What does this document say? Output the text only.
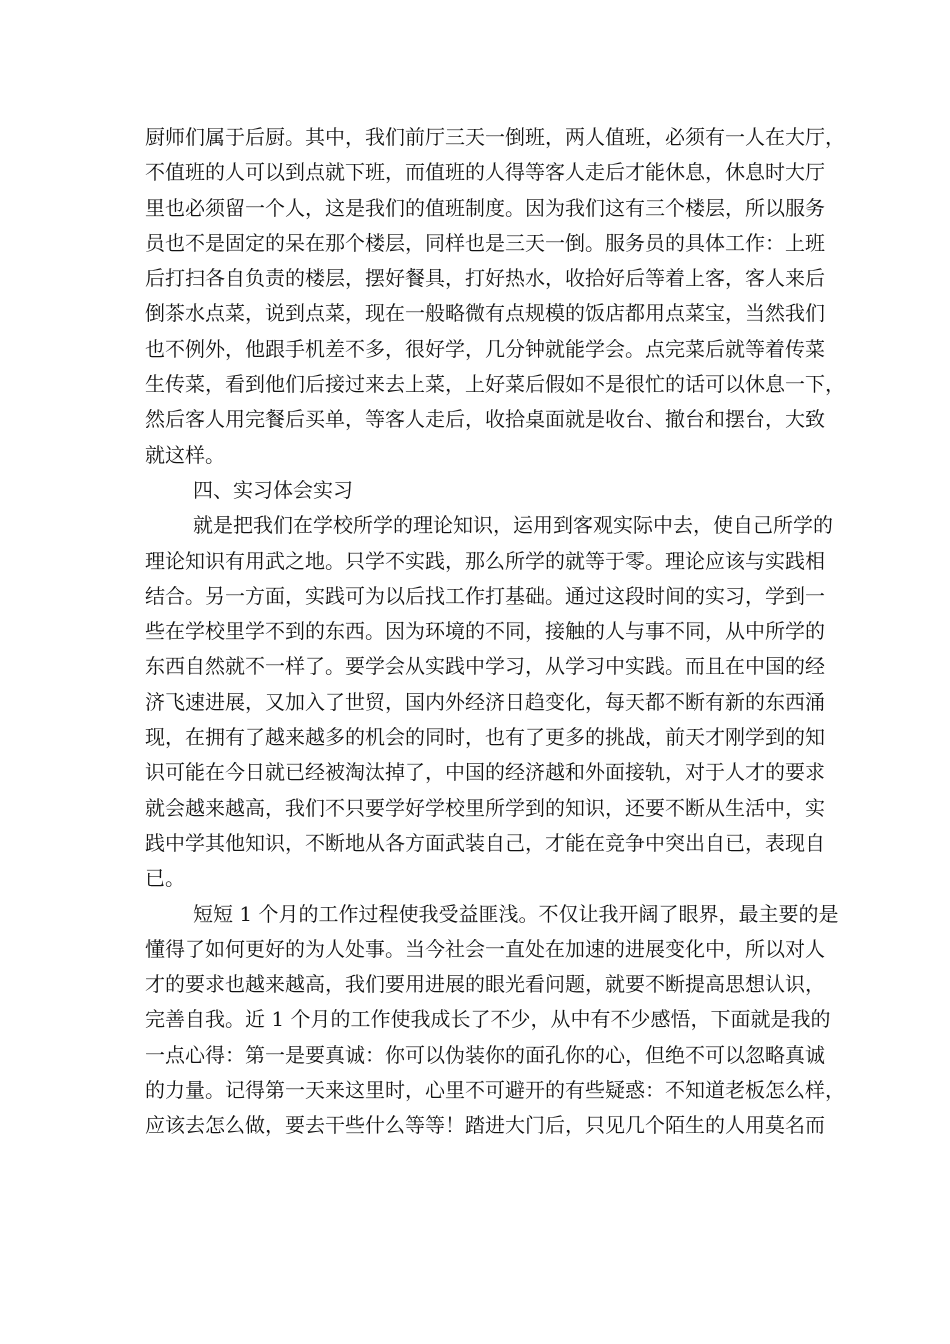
厨师们属于后厨。其中，我们前厅三天一倒班，两人值班，必须有一人在大厅，
不值班的人可以到点就下班，而值班的人得等客人走后才能休息，休息时大厅
里也必须留一个人，这是我们的值班制度。因为我们这有三个楼层，所以服务
员也不是固定的呆在那个楼层，同样也是三天一倒。服务员的具体工作：上班
后打扫各自负责的楼层，摆好餐具，打好热水，收拾好后等着上客，客人来后
倒茶水点菜，说到点菜，现在一般略微有点规模的饭店都用点菜宝，当然我们
也不例外，他跟手机差不多，很好学，几分钟就能学会。点完菜后就等着传菜
生传菜，看到他们后接过来去上菜，上好菜后假如不是很忙的话可以休息一下，
然后客人用完餐后买单，等客人走后，收拾桌面就是收台、撤台和摆台，大致
就这样。
四、实习体会实习
就是把我们在学校所学的理论知识，运用到客观实际中去，使自己所学的
理论知识有用武之地。只学不实践，那么所学的就等于零。理论应该与实践相
结合。另一方面，实践可为以后找工作打基础。通过这段时间的实习，学到一
些在学校里学不到的东西。因为环境的不同，接触的人与事不同，从中所学的
东西自然就不一样了。要学会从实践中学习，从学习中实践。而且在中国的经
济飞速进展，又加入了世贸，国内外经济日趋变化，每天都不断有新的东西涌
现，在拥有了越来越多的机会的同时，也有了更多的挑战，前天才刚学到的知
识可能在今日就已经被淘汰掉了，中国的经济越和外面接轨，对于人才的要求
就会越来越高，我们不只要学好学校里所学到的知识，还要不断从生活中，实
践中学其他知识，不断地从各方面武装自己，才能在竞争中突出自已，表现自
已。
短短 1 个月的工作过程使我受益匪浅。不仅让我开阔了眼界，最主要的是
懂得了如何更好的为人处事。当今社会一直处在加速的进展变化中，所以对人
才的要求也越来越高，我们要用进展的眼光看问题，就要不断提高思想认识，
完善自我。近 1 个月的工作使我成长了不少，从中有不少感悟，下面就是我的
一点心得：第一是要真诚：你可以伪装你的面孔你的心，但绝不可以忽略真诚
的力量。记得第一天来这里时，心里不可避开的有些疑惑：不知道老板怎么样，
应该去怎么做，要去干些什么等等！踏进大门后，只见几个陌生的人用莫名而
